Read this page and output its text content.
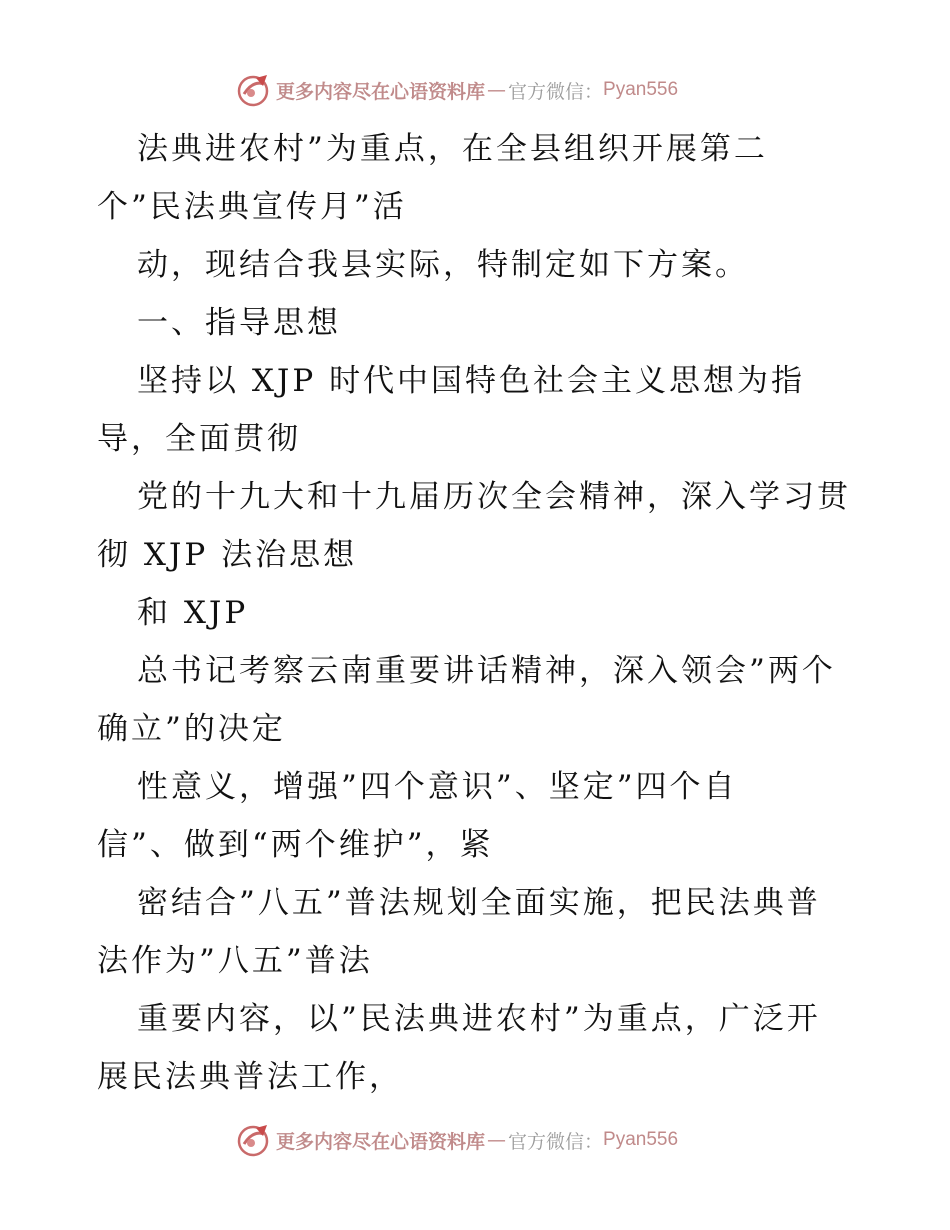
更多内容尽在心语资料库 — 官方微信： Pyan556
法典进农村”为重点，在全县组织开展第二
个”民法典宣传月”活
动，现结合我县实际，特制定如下方案。
一、指导思想
坚持以 XJP 时代中国特色社会主义思想为指
导，全面贯彻
党的十九大和十九届历次全会精神，深入学习贯
彻 XJP 法治思想
和 XJP
总书记考察云南重要讲话精神，深入领会”两个
确立”的决定
性意义，增强”四个意识”、坚定”四个自
信”、做到“两个维护”，紧
密结合”八五”普法规划全面实施，把民法典普
法作为”八五”普法
重要内容，以”民法典进农村”为重点，广泛开
展民法典普法工作，
更多内容尽在心语资料库 — 官方微信： Pyan556
